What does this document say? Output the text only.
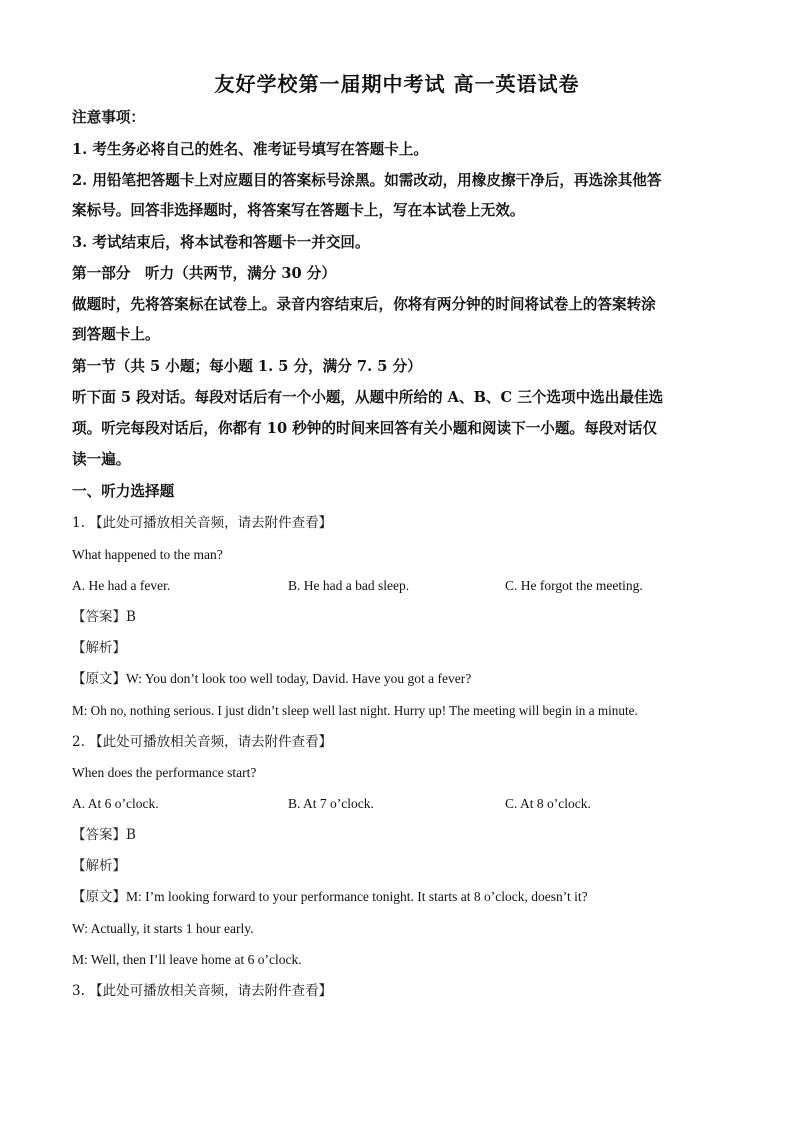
友好学校第一届期中考试 高一英语试卷
注意事项：
1. 考生务必将自己的姓名、准考证号填写在答题卡上。
2. 用铅笔把答题卡上对应题目的答案标号涂黑。如需改动，用橡皮擦干净后，再选涂其他答
案标号。回答非选择题时，将答案写在答题卡上，写在本试卷上无效。
3. 考试结束后，将本试卷和答题卡一并交回。
第一部分　听力（共两节，满分 30 分）
做题时，先将答案标在试卷上。录音内容结束后，你将有两分钟的时间将试卷上的答案转涂
到答题卡上。
第一节（共 5 小题；每小题 1. 5 分，满分 7. 5 分）
听下面 5 段对话。每段对话后有一个小题，从题中所给的 A、B、C 三个选项中选出最佳选
项。听完每段对话后，你都有 10 秒钟的时间来回答有关小题和阅读下一小题。每段对话仅
读一遍。
一、听力选择题
1. 【此处可播放相关音频，请去附件查看】
What happened to the man?
A. He had a fever.	B. He had a bad sleep.	C. He forgot the meeting.
【答案】B
【解析】
【原文】W: You don’t look too well today, David. Have you got a fever?
M: Oh no, nothing serious. I just didn’t sleep well last night. Hurry up! The meeting will begin in a minute.
2. 【此处可播放相关音频，请去附件查看】
When does the performance start?
A. At 6 o’clock.	B. At 7 o’clock.	C. At 8 o’clock.
【答案】B
【解析】
【原文】M: I’m looking forward to your performance tonight. It starts at 8 o’clock, doesn’t it?
W: Actually, it starts 1 hour early.
M: Well, then I’ll leave home at 6 o’clock.
3. 【此处可播放相关音频，请去附件查看】
